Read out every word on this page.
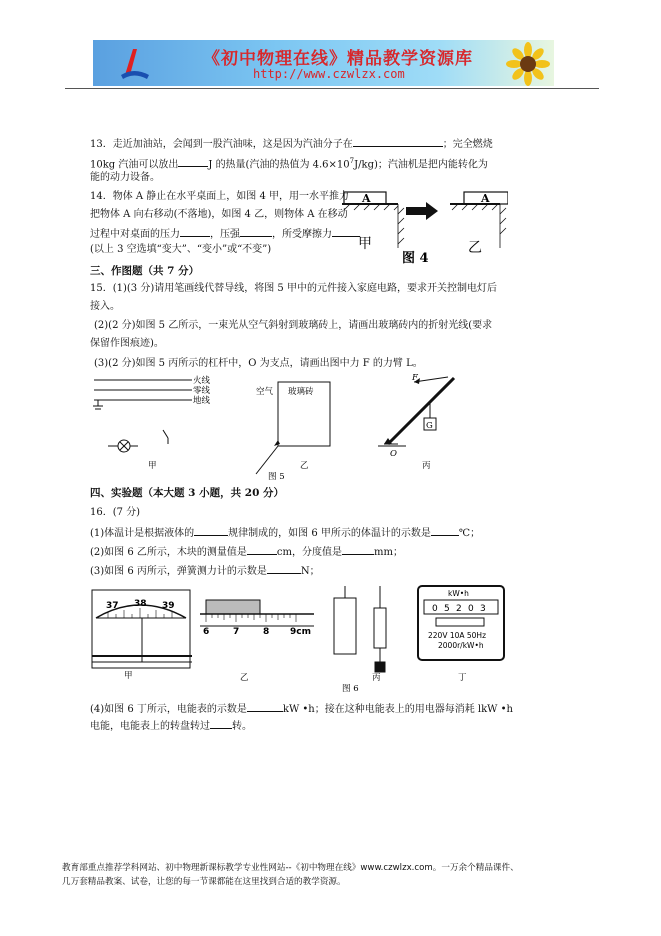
《初中物理在线》精品教学资源库
http://www.czwlzx.com
13．走近加油站，会闻到一股汽油味，这是因为汽油分子在	；完全燃烧
10kg 汽油可以放出	J 的热量(汽油的热值为 $4.6\times 10^7J/kg$)；汽油机是把内能转化为
能的动力设备。
14．物体 A 静止在水平桌面上，如图 4 甲，用一水平推力
把物体 A 向右移动(不落地)，如图 4 乙，则物体 A 在移动
过程中对桌面的压力	，压强	，所受摩擦力
(以上 3 空选填“变大”、“变小”或“不变”)
A	A
甲	乙
图 4
三、作图题（共 7 分）
15．(1)(3 分)请用笔画线代替导线，将图 5 甲中的元件接入家庭电路，要求开关控制电灯后
接入。
(2)(2 分)如图 5 乙所示，一束光从空气斜射到玻璃砖上，请画出玻璃砖内的折射光线(要求
保留作图痕迹)。
(3)(2 分)如图 5 丙所示的杠杆中，O 为支点，请画出图中力 F 的力臂 L。
火线
零线
地线
甲
空气 玻璃砖
乙
F
O
G
丙
图 5
四、实验题（本大题 3 小题，共 20 分）
16．(7 分)
(1)体温计是根据液体的	规律制成的，如图 6 甲所示的体温计的示数是	℃；
(2)如图 6 乙所示，木块的测量值是	cm，分度值是	mm；
(3)如图 6 丙所示，弹簧测力计的示数是	N；
37 38 39
6	7	8 9cm
kW•h
0 5 2 0 3
220V 10A 50Hz
2000r/kW•h
甲	乙	丙	丁
图 6
(4)如图 6 丁所示，电能表的示数是	kW •h；接在这种电能表上的用电器每消耗 lkW •h
电能，电能表上的转盘转过 转。
教育部重点推荐学科网站、初中物理新课标教学专业性网站--《初中物理在线》www.czwlzx.com。一万余个精品课件、
几万套精品教案、试卷，让您的每一节课都能在这里找到合适的教学资源。
